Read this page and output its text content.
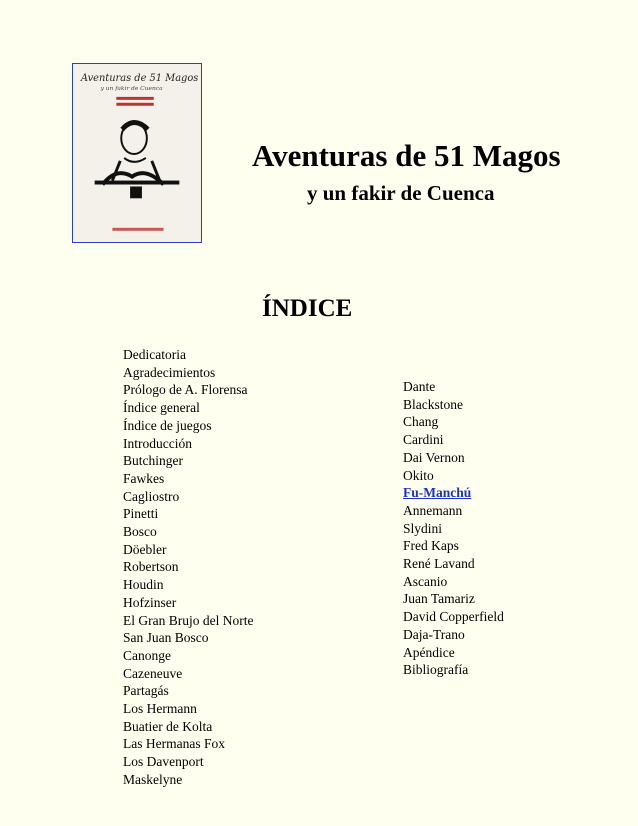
Aventuras de 51 Magos
y un fakir de Cuenca
Aventuras de 51 Magos
y un fakir de Cuenca
ÍNDICE
Dedicatoria
Agradecimientos
Prólogo de A. Florensa
Índice general
Índice de juegos
Introducción
Butchinger
Fawkes
Cagliostro
Pinetti
Bosco
Döebler
Robertson
Houdin
Hofzinser
El Gran Brujo del Norte
San Juan Bosco
Canonge
Cazeneuve
Partagás
Los Hermann
Buatier de Kolta
Las Hermanas Fox
Los Davenport
Maskelyne
Dante
Blackstone
Chang
Cardini
Dai Vernon
Okito
Fu-Manchú
Annemann
Slydini
Fred Kaps
René Lavand
Ascanio
Juan Tamariz
David Copperfield
Daja-Trano
Apéndice
Bibliografía
